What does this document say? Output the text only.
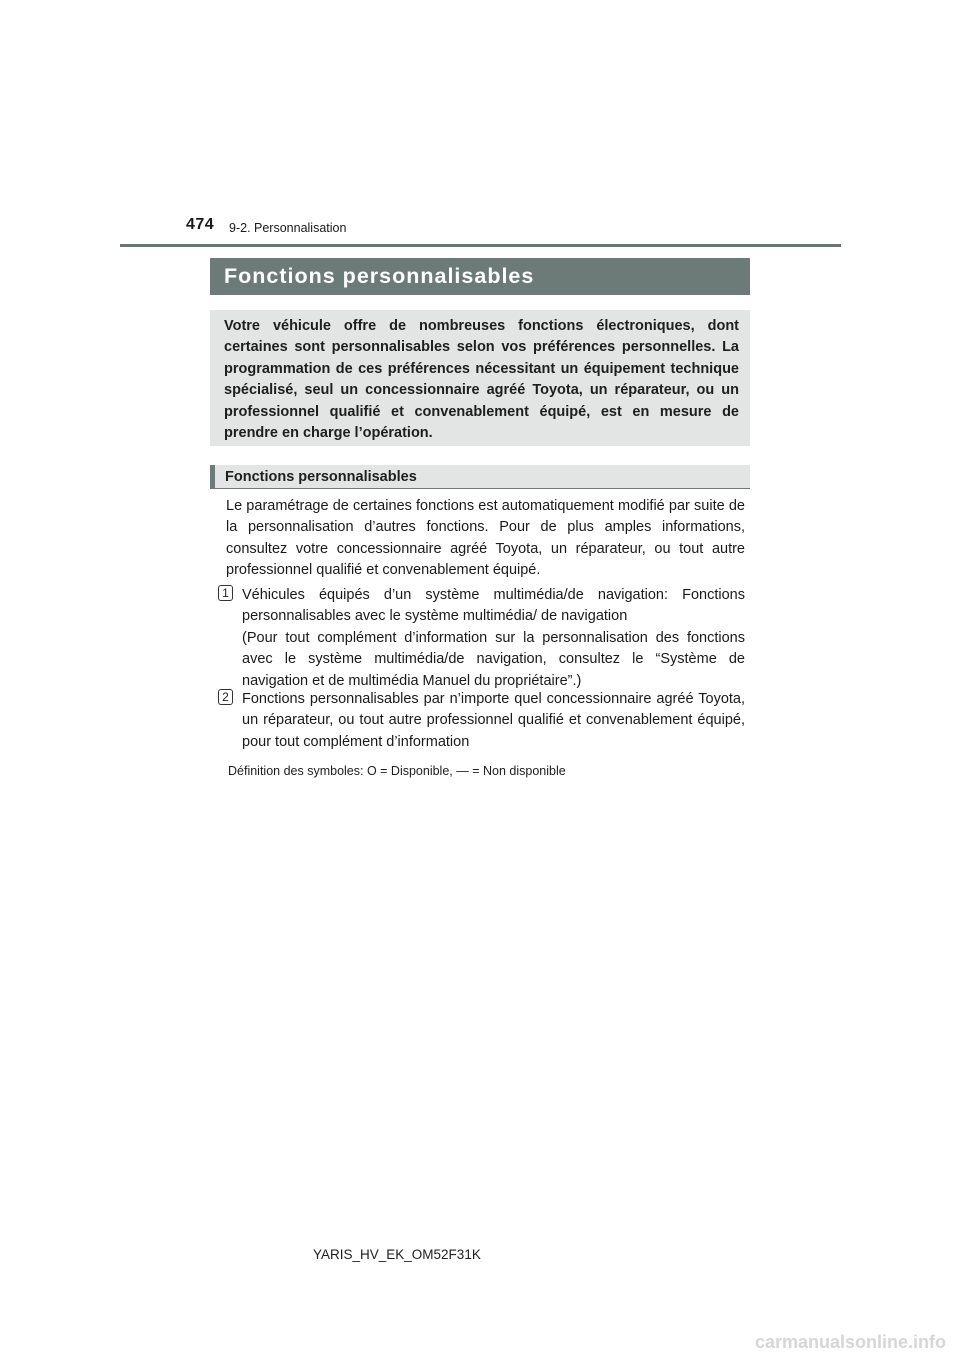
474 9-2. Personnalisation
Fonctions personnalisables

Votre véhicule offre de nombreuses fonctions électroniques, dont certaines sont personnalisables selon vos préférences personnelles. La programmation de ces préférences nécessitant un équipement technique spécialisé, seul un concessionnaire agréé Toyota, un réparateur, ou un professionnel qualifié et convenablement équipé, est en mesure de prendre en charge l’opération.

Fonctions personnalisables

Le paramétrage de certaines fonctions est automatiquement modifié par suite de la personnalisation d’autres fonctions. Pour de plus amples informations, consultez votre concessionnaire agréé Toyota, un réparateur, ou tout autre professionnel qualifié et convenablement équipé.

1 Véhicules équipés d’un système multimédia/de navigation: Fonctions personnalisables avec le système multimédia/ de navigation

(Pour tout complément d’information sur la personnalisation des fonctions avec le système multimédia/de navigation, consultez le “Système de navigation et de multimédia Manuel du propriétaire”.)

2 Fonctions personnalisables par n’importe quel concessionnaire agréé Toyota, un réparateur, ou tout autre professionnel qualifié et convenablement équipé, pour tout complément d’information

Définition des symboles: O = Disponible, — = Non disponible

YARIS_HV_EK_OM52F31K
carmanualsonline.info
